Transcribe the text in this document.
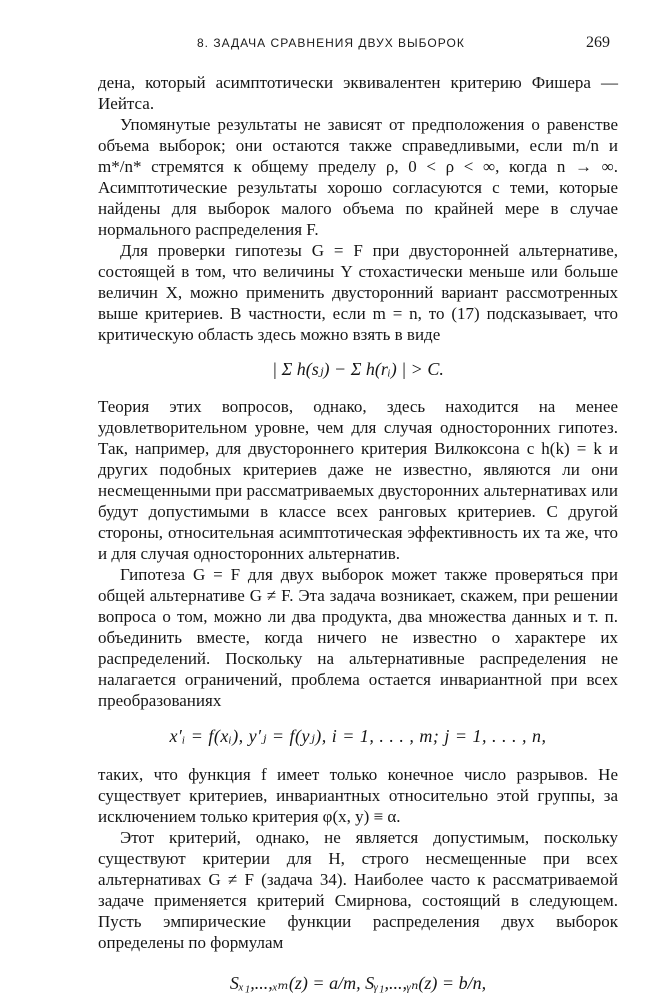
8. ЗАДАЧА СРАВНЕНИЯ ДВУХ ВЫБОРОК	269

дена, который асимптотически эквивалентен критерию Фишера — Иейтса.

Упомянутые результаты не зависят от предположения о равенстве объема выборок; они остаются также справедливыми, если m/n и m*/n* стремятся к общему пределу ρ, 0 < ρ < ∞, когда n → ∞. Асимптотические результаты хорошо согласуются с теми, которые найдены для выборок малого объема по крайней мере в случае нормального распределения F.

Для проверки гипотезы G = F при двусторонней альтернативе, состоящей в том, что величины Y стохастически меньше или больше величин X, можно применить двусторонний вариант рассмотренных выше критериев. В частности, если m = n, то (17) подсказывает, что критическую область здесь можно взять в виде

| Σ h(sⱼ) − Σ h(rᵢ) | > C.

Теория этих вопросов, однако, здесь находится на менее удовлетворительном уровне, чем для случая односторонних гипотез. Так, например, для двустороннего критерия Вилкоксона с h(k) = k и других подобных критериев даже не известно, являются ли они несмещенными при рассматриваемых двусторонних альтернативах или будут допустимыми в классе всех ранговых критериев. С другой стороны, относительная асимптотическая эффективность их та же, что и для случая односторонних альтернатив.

Гипотеза G = F для двух выборок может также проверяться при общей альтернативе G ≠ F. Эта задача возникает, скажем, при решении вопроса о том, можно ли два продукта, два множества данных и т. п. объединить вместе, когда ничего не известно о характере их распределений. Поскольку на альтернативные распределения не налагается ограничений, проблема остается инвариантной при всех преобразованиях

x′ᵢ = f(xᵢ), y′ⱼ = f(yⱼ), i = 1, . . . , m; j = 1, . . . , n,

таких, что функция f имеет только конечное число разрывов. Не существует критериев, инвариантных относительно этой группы, за исключением только критерия φ(x, y) ≡ α.

Этот критерий, однако, не является допустимым, поскольку существуют критерии для H, строго несмещенные при всех альтернативах G ≠ F (задача 34). Наиболее часто к рассматриваемой задаче применяется критерий Смирнова, состоящий в следующем. Пусть эмпирические функции распределения двух выборок определены по формулам

Sₓ₁,...,ₓₘ(z) = a/m, Sᵧ₁,...,ᵧₙ(z) = b/n,
